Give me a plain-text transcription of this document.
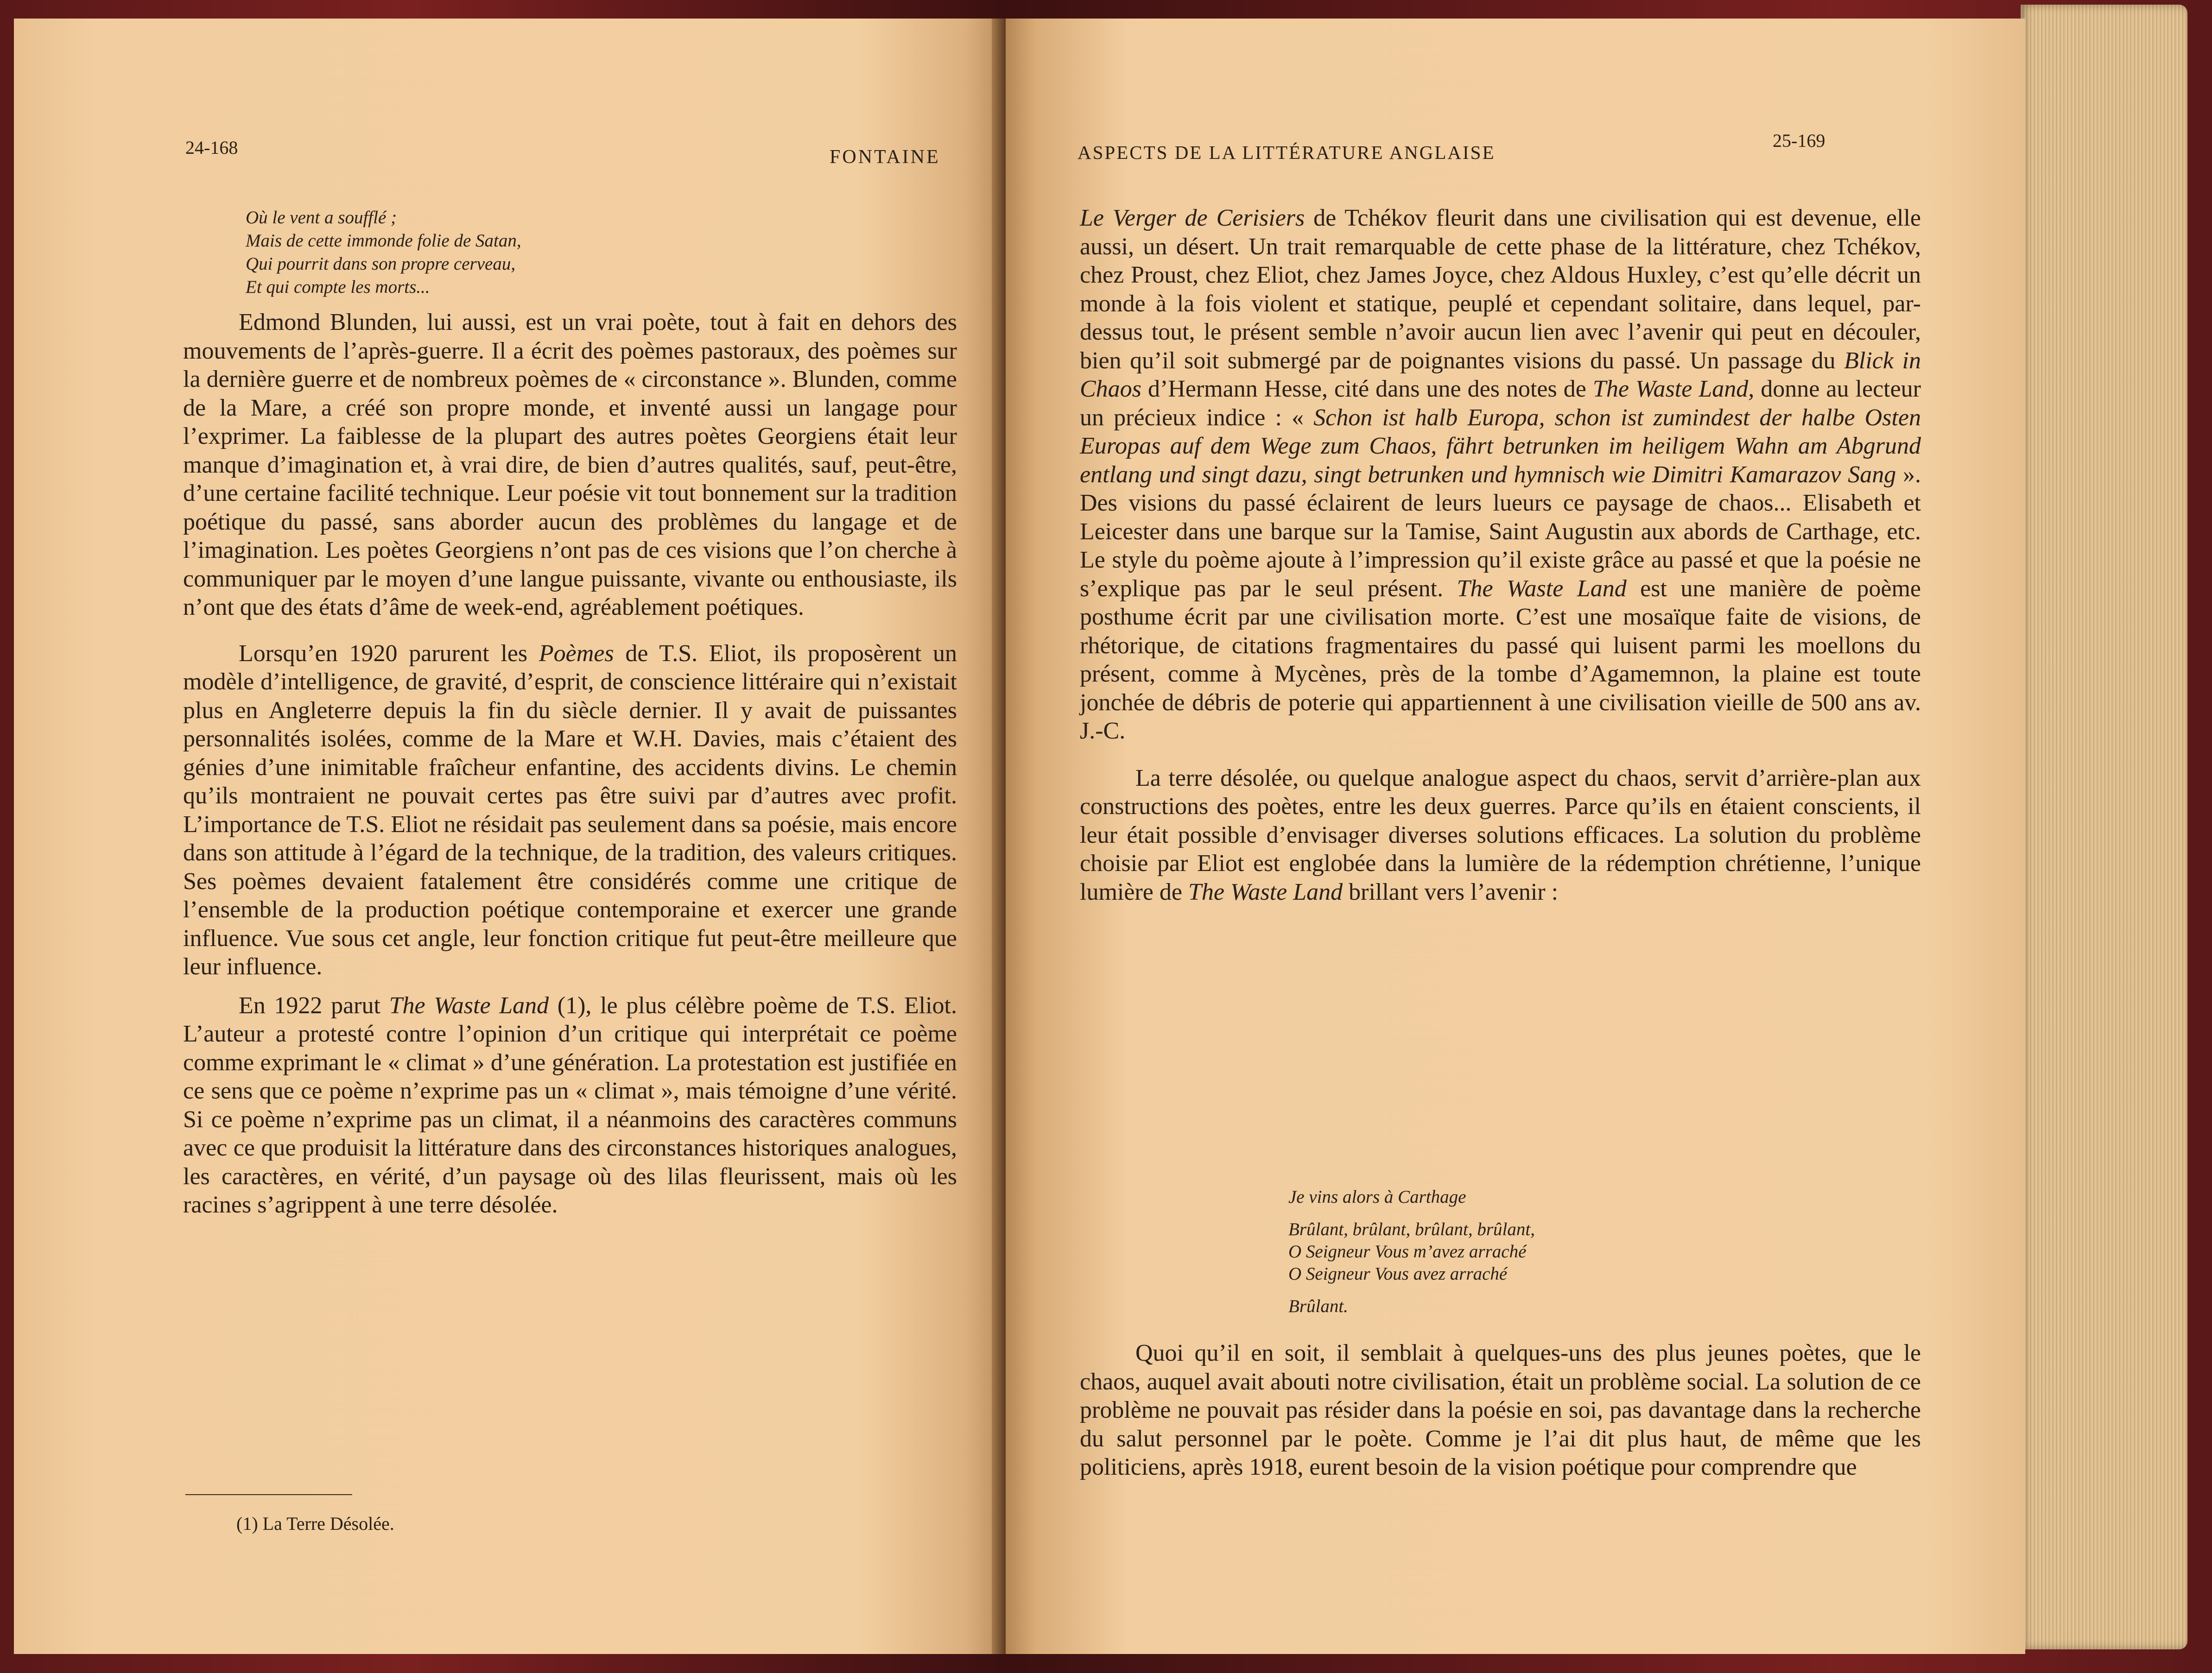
24-168	FONTAINE
Où le vent a soufflé ;
Mais de cette immonde folie de Satan,
Qui pourrit dans son propre cerveau,
Et qui compte les morts...

Edmond Blunden, lui aussi, est un vrai poète, tout à fait en dehors des mouvements de l’après-guerre. Il a écrit des poèmes pastoraux, des poèmes sur la dernière guerre et de nombreux poèmes de « circonstance ». Blunden, comme de la Mare, a créé son propre monde, et inventé aussi un langage pour l’exprimer. La faiblesse de la plupart des autres poètes Georgiens était leur manque d’imagination et, à vrai dire, de bien d’autres qualités, sauf, peut-être, d’une certaine facilité technique. Leur poésie vit tout bonnement sur la tradition poétique du passé, sans aborder aucun des problèmes du langage et de l’imagination. Les poètes Georgiens n’ont pas de ces visions que l’on cherche à communiquer par le moyen d’une langue puissante, vivante ou enthousiaste, ils n’ont que des états d’âme de week-end, agréablement poétiques.

Lorsqu’en 1920 parurent les Poèmes de T.S. Eliot, ils proposèrent un modèle d’intelligence, de gravité, d’esprit, de conscience littéraire qui n’existait plus en Angleterre depuis la fin du siècle dernier. Il y avait de puissantes personnalités isolées, comme de la Mare et W.H. Davies, mais c’étaient des génies d’une inimitable fraîcheur enfantine, des accidents divins. Le chemin qu’ils montraient ne pouvait certes pas être suivi par d’autres avec profit. L’importance de T.S. Eliot ne résidait pas seulement dans sa poésie, mais encore dans son attitude à l’égard de la technique, de la tradition, des valeurs critiques. Ses poèmes devaient fatalement être considérés comme une critique de l’ensemble de la production poétique contemporaine et exercer une grande influence. Vue sous cet angle, leur fonction critique fut peut-être meilleure que leur influence.

En 1922 parut The Waste Land (1), le plus célèbre poème de T.S. Eliot. L’auteur a protesté contre l’opinion d’un critique qui interprétait ce poème comme exprimant le « climat » d’une génération. La protestation est justifiée en ce sens que ce poème n’exprime pas un « climat », mais témoigne d’une vérité. Si ce poème n’exprime pas un climat, il a néanmoins des caractères communs avec ce que produisit la littérature dans des circonstances historiques analogues, les caractères, en vérité, d’un paysage où des lilas fleurissent, mais où les racines s’agrippent à une terre désolée.

(1) La Terre Désolée.
ASPECTS DE LA LITTÉRATURE ANGLAISE
25-169

Le Verger de Cerisiers de Tchékov fleurit dans une civilisation qui est devenue, elle aussi, un désert. Un trait remarquable de cette phase de la littérature, chez Tchékov, chez Proust, chez Eliot, chez James Joyce, chez Aldous Huxley, c’est qu’elle décrit un monde à la fois violent et statique, peuplé et cependant solitaire, dans lequel, par-dessus tout, le présent semble n’avoir aucun lien avec l’avenir qui peut en découler, bien qu’il soit submergé par de poignantes visions du passé. Un passage du Blick in Chaos d’Hermann Hesse, cité dans une des notes de The Waste Land, donne au lecteur un précieux indice : « Schon ist halb Europa, schon ist zumindest der halbe Osten Europas auf dem Wege zum Chaos, fährt betrunken im heiligem Wahn am Abgrund entlang und singt dazu, singt betrunken und hymnisch wie Dimitri Kamarazov Sang ». Des visions du passé éclairent de leurs lueurs ce paysage de chaos... Elisabeth et Leicester dans une barque sur la Tamise, Saint Augustin aux abords de Carthage, etc. Le style du poème ajoute à l’impression qu’il existe grâce au passé et que la poésie ne s’explique pas par le seul présent. The Waste Land est une manière de poème posthume écrit par une civilisation morte. C’est une mosaïque faite de visions, de rhétorique, de citations fragmentaires du passé qui luisent parmi les moellons du présent, comme à Mycènes, près de la tombe d’Agamemnon, la plaine est toute jonchée de débris de poterie qui appartiennent à une civilisation vieille de 500 ans av. J.-C.

La terre désolée, ou quelque analogue aspect du chaos, servit d’arrière-plan aux constructions des poètes, entre les deux guerres. Parce qu’ils en étaient conscients, il leur était possible d’envisager diverses solutions efficaces. La solution du problème choisie par Eliot est englobée dans la lumière de la rédemption chrétienne, l’unique lumière de The Waste Land brillant vers l’avenir :

Je vins alors à Carthage
Brûlant, brûlant, brûlant, brûlant,
O Seigneur Vous m’avez arraché
O Seigneur Vous avez arraché
Brûlant.

Quoi qu’il en soit, il semblait à quelques-uns des plus jeunes poètes, que le chaos, auquel avait abouti notre civilisation, était un problème social. La solution de ce problème ne pouvait pas résider dans la poésie en soi, pas davantage dans la recherche du salut personnel par le poète. Comme je l’ai dit plus haut, de même que les politiciens, après 1918, eurent besoin de la vision poétique pour comprendre que
